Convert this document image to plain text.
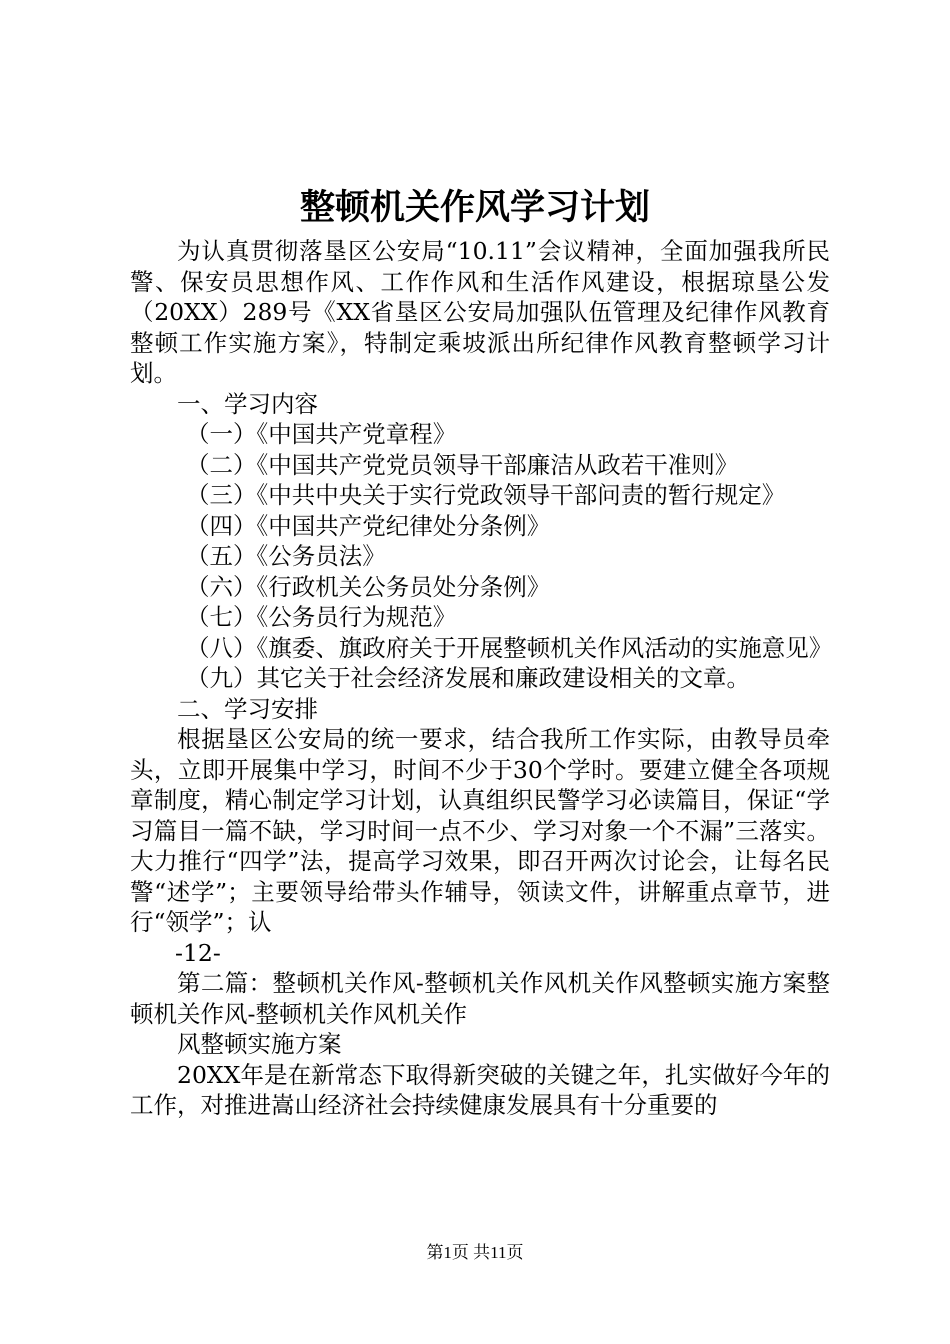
整顿机关作风学习计划

为认真贯彻落垦区公安局“10.11”会议精神，全面加强我所民警、保安员思想作风、工作作风和生活作风建设，根据琼垦公发（20XX）289号《XX省垦区公安局加强队伍管理及纪律作风教育整顿工作实施方案》，特制定乘坡派出所纪律作风教育整顿学习计划。

一、学习内容

（一）《中国共产党章程》

（二）《中国共产党党员领导干部廉洁从政若干准则》

（三）《中共中央关于实行党政领导干部问责的暂行规定》

（四）《中国共产党纪律处分条例》

（五）《公务员法》

（六）《行政机关公务员处分条例》

（七）《公务员行为规范》

（八）《旗委、旗政府关于开展整顿机关作风活动的实施意见》

（九）其它关于社会经济发展和廉政建设相关的文章。

二、学习安排

根据垦区公安局的统一要求，结合我所工作实际，由教导员牵头，立即开展集中学习，时间不少于30个学时。要建立健全各项规章制度，精心制定学习计划，认真组织民警学习必读篇目，保证“学习篇目一篇不缺，学习时间一点不少、学习对象一个不漏”三落实。大力推行“四学”法，提高学习效果，即召开两次讨论会，让每名民警“述学”；主要领导给带头作辅导，领读文件，讲解重点章节，进行“领学”；认

-12-

第二篇：整顿机关作风-整顿机关作风机关作风整顿实施方案整顿机关作风-整顿机关作风机关作

风整顿实施方案

20XX年是在新常态下取得新突破的关键之年，扎实做好今年的工作，对推进嵩山经济社会持续健康发展具有十分重要的

第1页 共11页
